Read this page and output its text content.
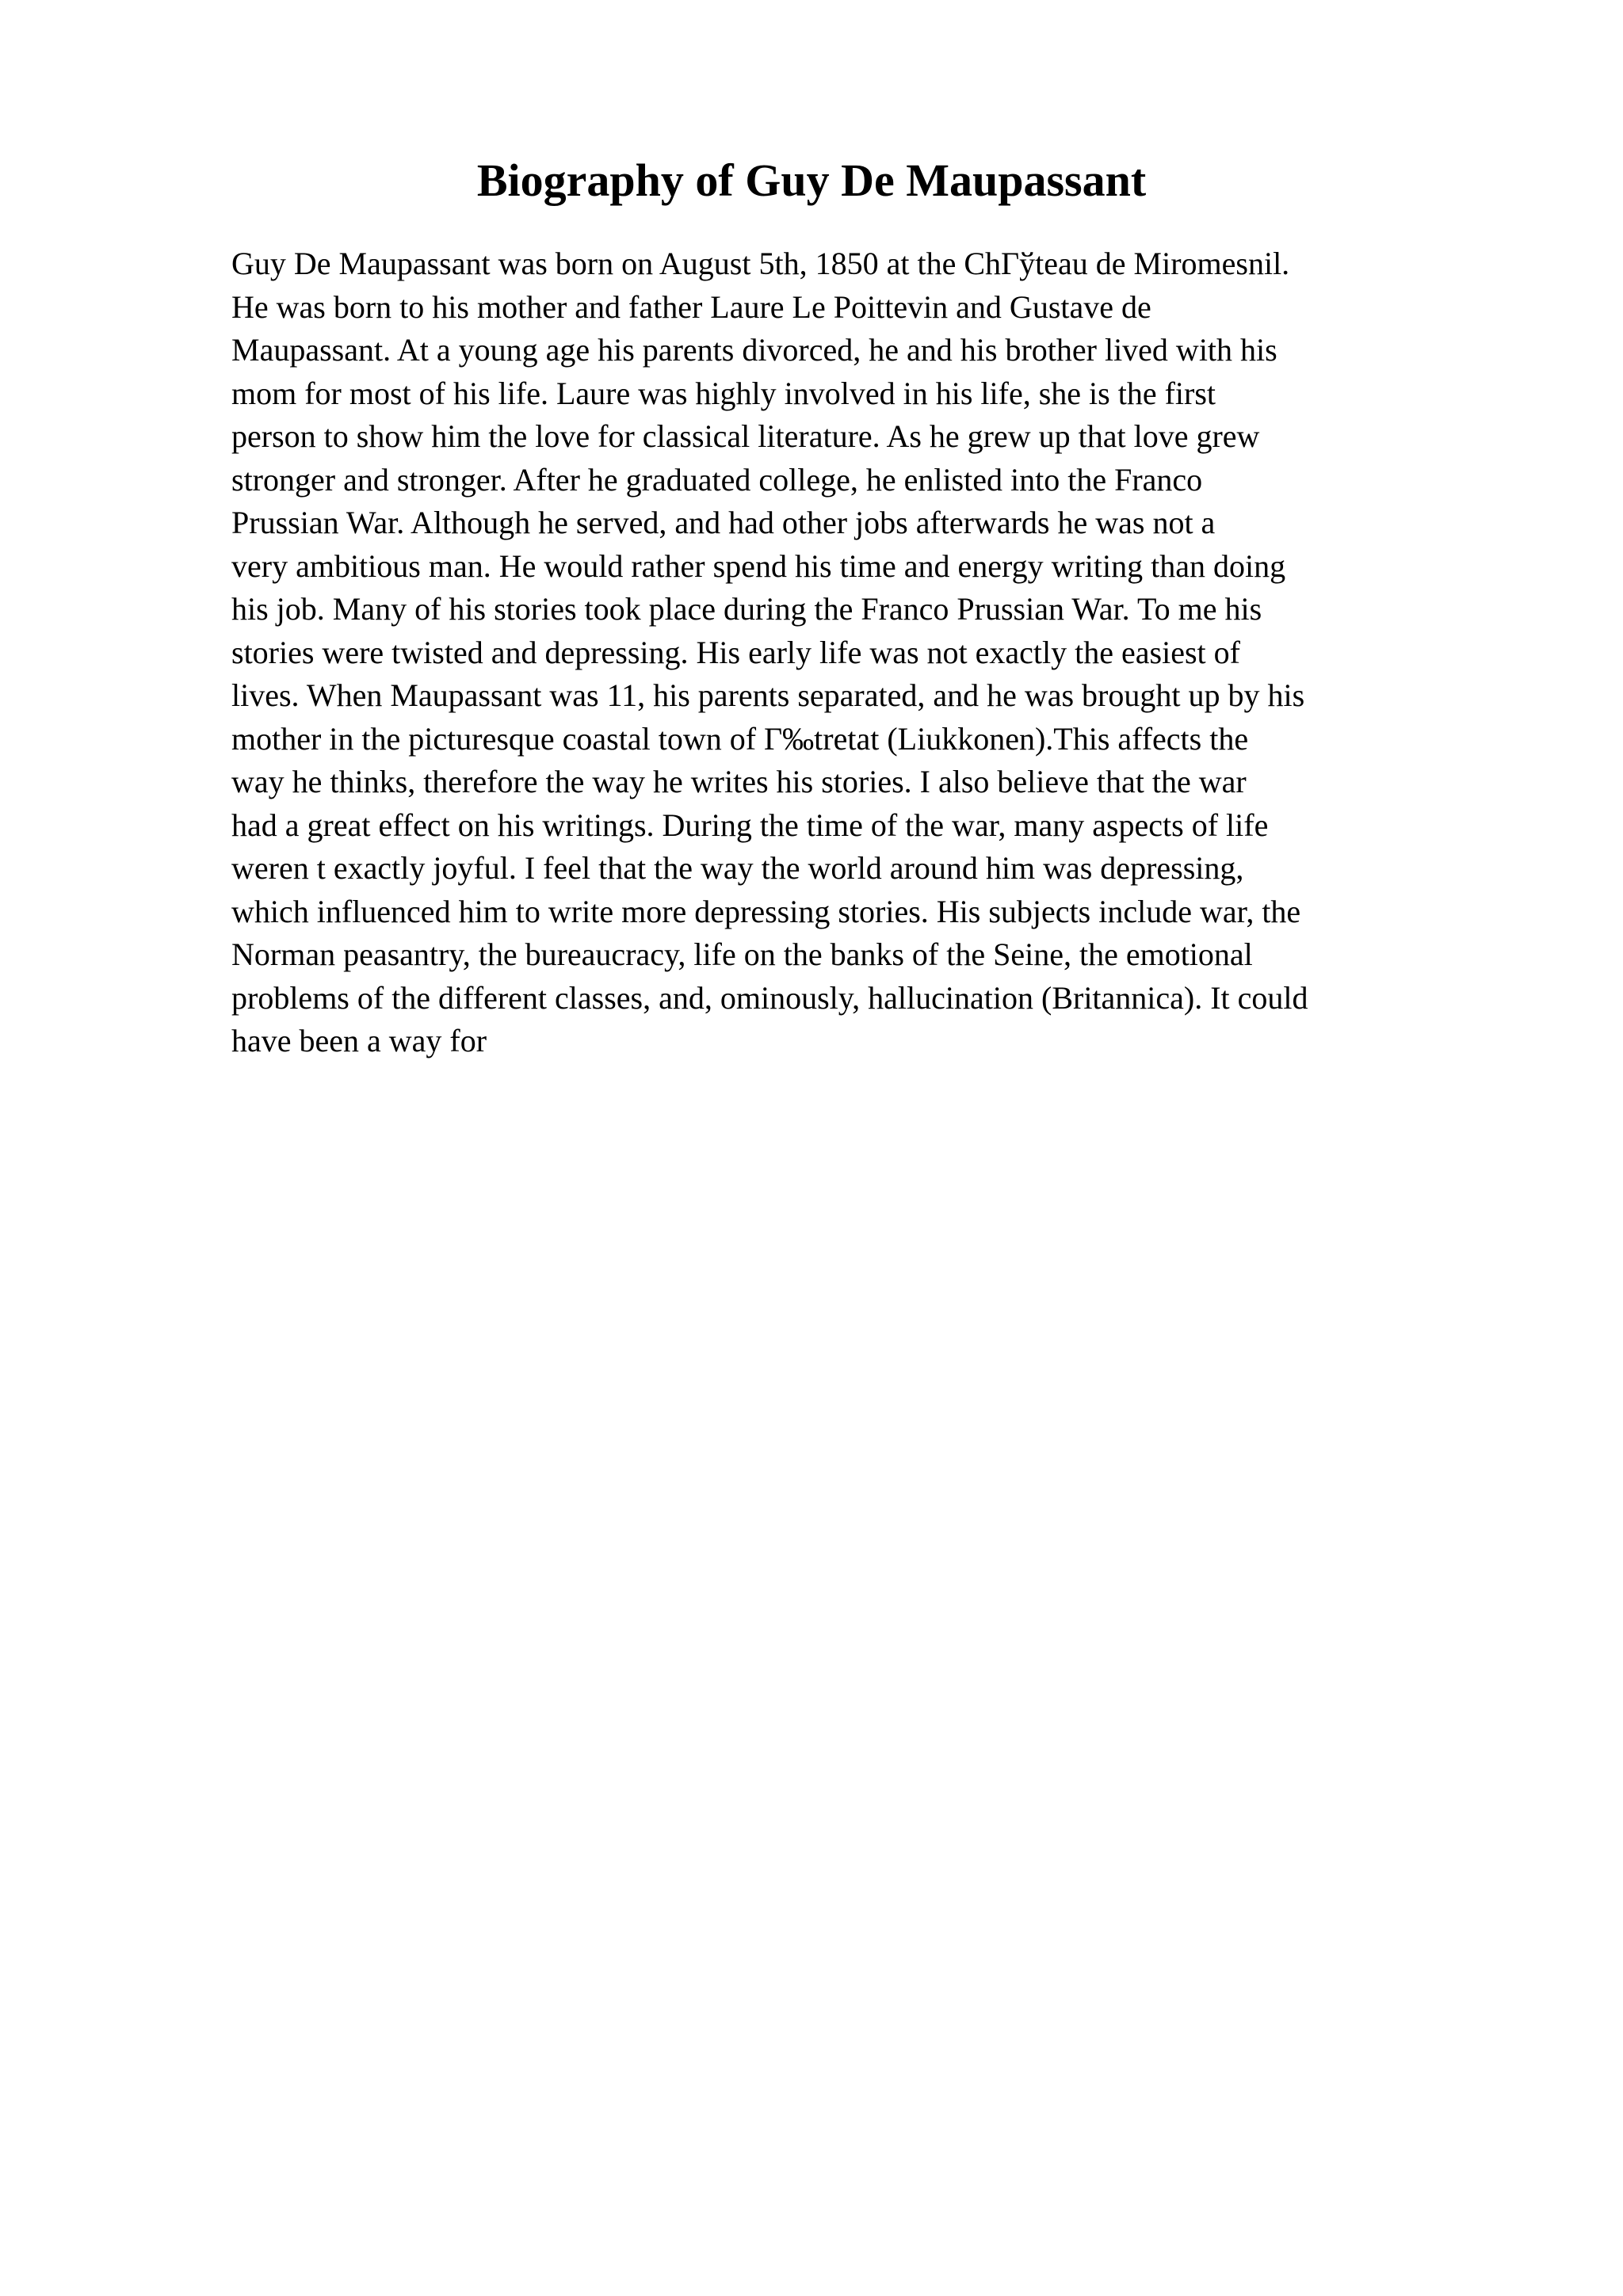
Biography of Guy De Maupassant
Guy De Maupassant was born on August 5th, 1850 at the ChГўteau de Miromesnil.
He was born to his mother and father Laure Le Poittevin and Gustave de
Maupassant. At a young age his parents divorced, he and his brother lived with his
mom for most of his life. Laure was highly involved in his life, she is the first
person to show him the love for classical literature. As he grew up that love grew
stronger and stronger. After he graduated college, he enlisted into the Franco
Prussian War. Although he served, and had other jobs afterwards he was not a
very ambitious man. He would rather spend his time and energy writing than doing
his job. Many of his stories took place during the Franco Prussian War. To me his
stories were twisted and depressing. His early life was not exactly the easiest of
lives. When Maupassant was 11, his parents separated, and he was brought up by his
mother in the picturesque coastal town of Г‰tretat (Liukkonen).This affects the
way he thinks, therefore the way he writes his stories. I also believe that the war
had a great effect on his writings. During the time of the war, many aspects of life
weren t exactly joyful. I feel that the way the world around him was depressing,
which influenced him to write more depressing stories. His subjects include war, the
Norman peasantry, the bureaucracy, life on the banks of the Seine, the emotional
problems of the different classes, and, ominously, hallucination (Britannica). It could
have been a way for
